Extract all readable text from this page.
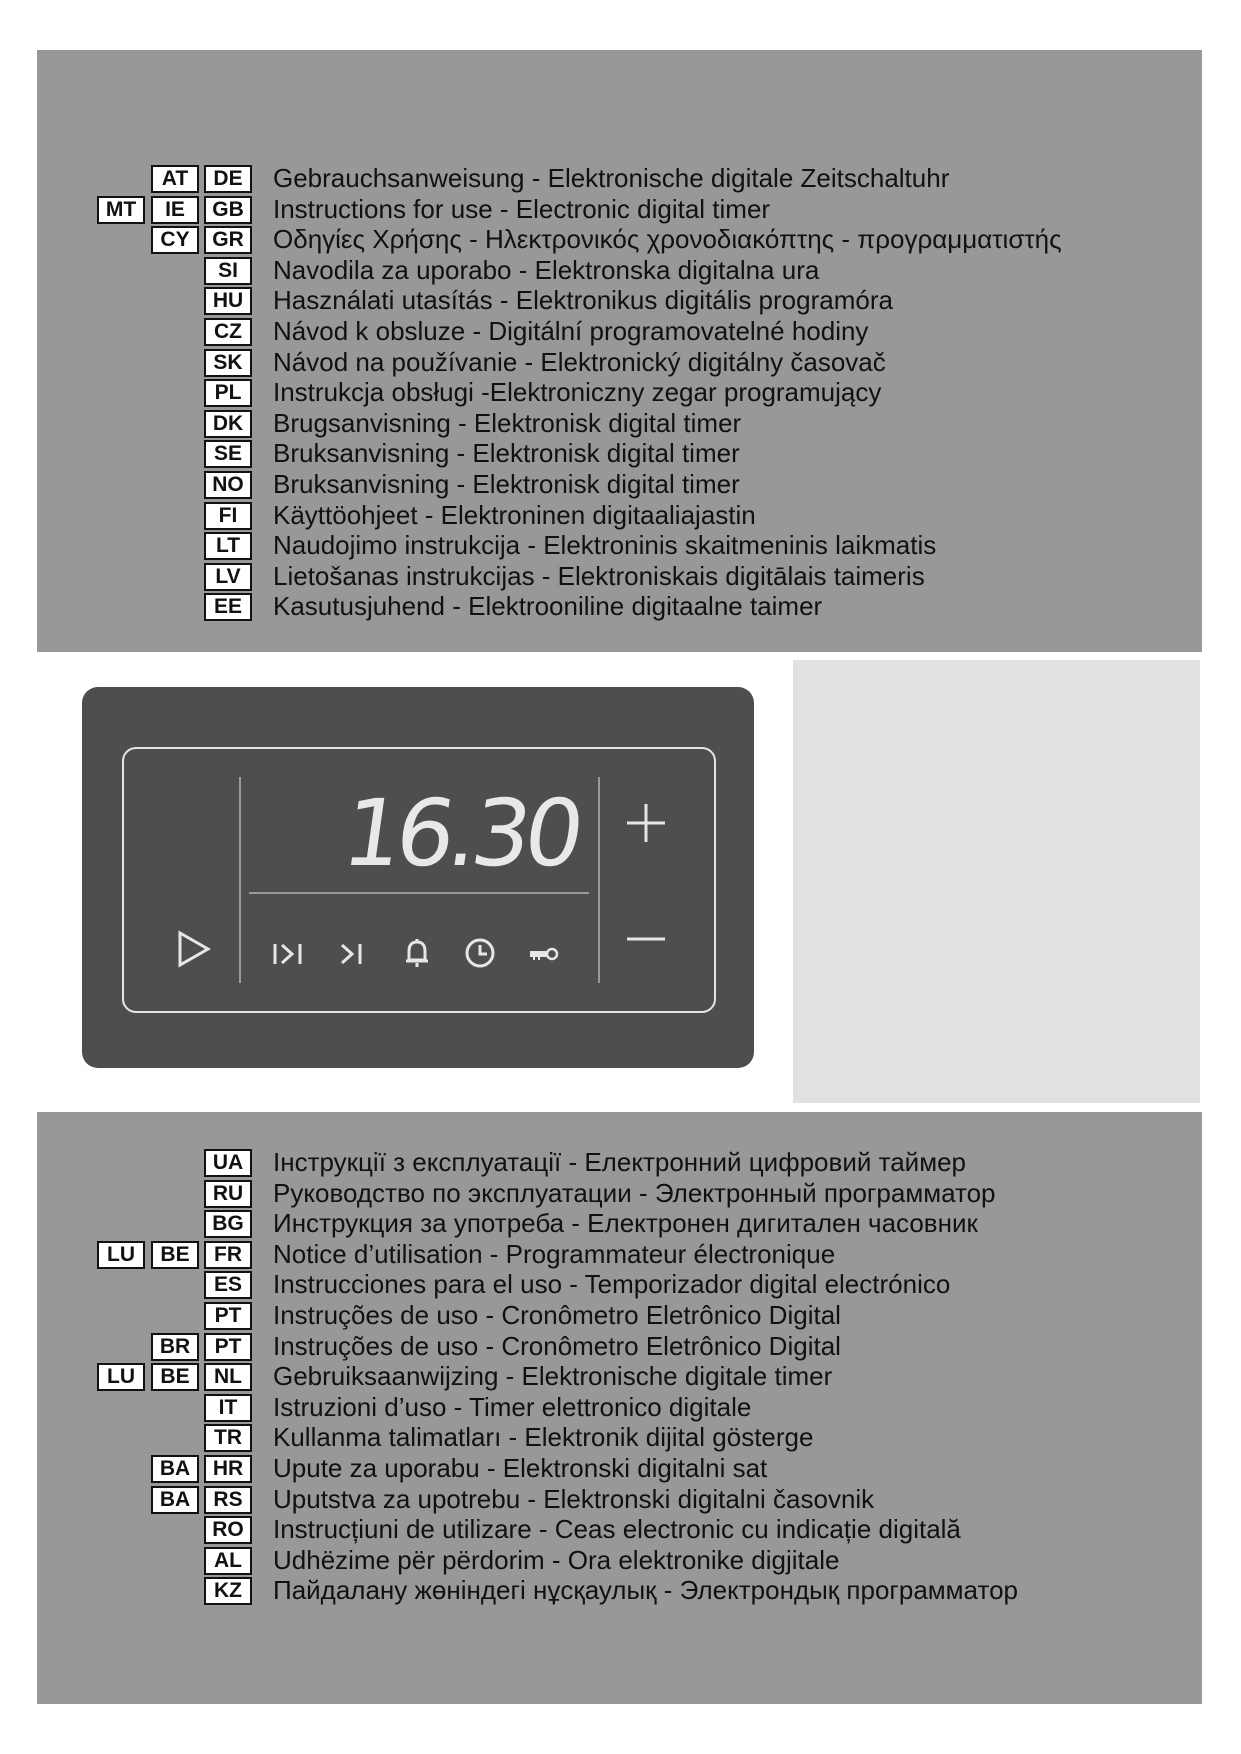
AT	DE	Gebrauchsanweisung - Elektronische digitale Zeitschaltuhr
MT	IE	GB	Instructions for use - Electronic digital timer
CY	GR	Οδηγίες Χρήσης - Ηλεκτρονικός χρονοδιακόπτης - προγραμματιστής
SI	Navodila za uporabo - Elektronska digitalna ura
HU	Használati utasítás - Elektronikus digitális programóra
CZ	Návod k obsluze - Digitální programovatelné hodiny
SK	Návod na používanie - Elektronický digitálny časovač
PL	Instrukcja obsługi -Elektroniczny zegar programujący
DK	Brugsanvisning - Elektronisk digital timer
SE	Bruksanvisning - Elektronisk digital timer
NO	Bruksanvisning - Elektronisk digital timer
FI	Käyttöohjeet - Elektroninen digitaaliajastin
LT	Naudojimo instrukcija - Elektroninis skaitmeninis laikmatis
LV	Lietošanas instrukcijas - Elektroniskais digitālais taimeris
EE	Kasutusjuhend - Elektrooniline digitaalne taimer
UA	Інструкції з експлуатації - Електронний цифровий таймер
RU	Руководство по эксплуатации - Электронный программатор
BG	Инструкция за употреба - Електронен дигитален часовник
LU	BE	FR	Notice d’utilisation - Programmateur électronique
ES	Instrucciones para el uso - Temporizador digital electrónico
PT	Instruções de uso - Cronômetro Eletrônico Digital
BR	PT	Instruções de uso - Cronômetro Eletrônico Digital
LU	BE	NL	Gebruiksaanwijzing - Elektronische digitale timer
IT	Istruzioni d’uso - Timer elettronico digitale
TR	Kullanma talimatları - Elektronik dijital gösterge
BA	HR	Upute za uporabu - Elektronski digitalni sat
BA	RS	Uputstva za upotrebu - Elektronski digitalni časovnik
RO	Instrucțiuni de utilizare - Ceas electronic cu indicație digitală
AL	Udhëzime për përdorim - Ora elektronike digjitale
KZ	Пайдалану жөніндегі нұсқаулық - Электрондық программатор
16.30
